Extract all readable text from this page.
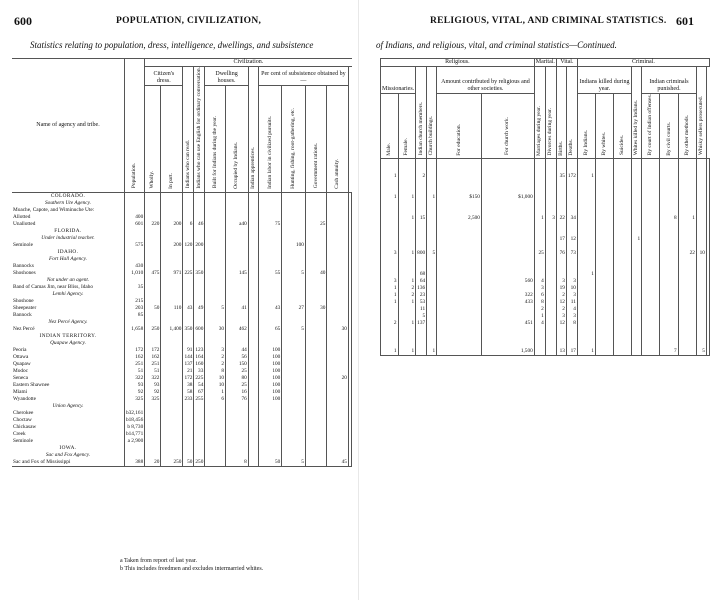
600	POPULATION, CIVILIZATION,
Statistics relating to population, dress, intelligence, dwellings, and subsistence
Name of agency and tribe.	Population.	Civilization.											
		Citizen's dress.		Indians who can read.	Indians who can use English for ordinary conversation.	Dwelling houses.		Indian apprentices.	Per cent of subsistence obtained by—				
		Wholly.	In part.			Built for Indians during the year.	Occupied by Indians.		Indian labor in civilized pursuits.	Hunting, fishing, root-gathering, etc.	Government rations.	Cash annuity.	
COLORADO.													
Southern Ute Agency.													
Moache, Capote, and Wiminuche Ute:													
Allotted	400												
Unallotted	601	220	200	6	46		a40		75		25		
FLORIDA.													
Under industrial teacher.													
Seminole	575		200	120	200					100			
IDAHO.													
Fort Hall Agency.													
Bannocks	430												
Shoshones	1,010	475	971	225	350		145		55	5	40		
Not under an agent.													
Band of Camas Jim, near Bliss, Idaho	35												
Lemhi Agency.													
Shoshone	215												
Sheepeater	203	50	110	43	49	5	41		43	27	30		
Bannock	85												
Nez Percé Agency.													
Nez Percé	1,658	250	1,400	350	600	30	462		65	5		30	
INDIAN TERRITORY.													
Quapaw Agency.													
Peoria	172	172		91	123	3	44		100				
Ottawa	162	162		144	164	2	56		100				
Quapaw	251	251		137	160	2	150		100				
Modoc	51	51		21	33	8	25		100				
Seneca	322	322		172	225	10	80		100			20	
Eastern Shawnee	93	93		38	54	10	25		100				
Miami	92	92		58	67	1	16		100				
Wyandotte	325	325		233	255	6	76		100				
Union Agency.													
Cherokee	b32,161												
Choctaw	b18,456												
Chickasaw	b 8,730												
Creek	b14,771												
Seminole	a 2,900												
IOWA.													
Sac and Fox Agency.													
Sac and Fox of Mississippi	388	20	250	50	250		8		50	5		45	
a Taken from report of last year.
b This includes freedmen and excludes intermarried whites.
RELIGIOUS, VITAL, AND CRIMINAL STATISTICS. 601
of Indians, and religious, vital, and criminal statistics—Continued.
Religious.						Marital.		Vital.		Criminal.								
Missionaries.		Indian church members.	Church buildings.	Amount contributed by religious and other societies.		Marriages during year.	Divorces during year.	Births.	Deaths.	Indians killed during year.			Whites killed by Indians.	Indian criminals punished.			Whisky sellers prosecuted.	
Male.	Female.			For education.	For church work.					By Indians.	By whites.	Suicides.		By court of Indian offenses.	By civil courts.	By other methods.		

1		2						35	172	1								

1	1		1	$150	$1,000													

	1	15		2,500		1	3	22	34						8	1		

								17	12				1					

3	1	800	5			25		76	73							22	10	

		68								1								
3	1	64			560	4		3	3									
1	2	136				3		19	10									
1	2	23			322	6		2	3									
1	1	53			433	8		12	11									
		11				2		2	4									
		5				1		3	3									
2	1	137			451	4		12	8									

1	1		1		1,500			13	17	1					7		5	
